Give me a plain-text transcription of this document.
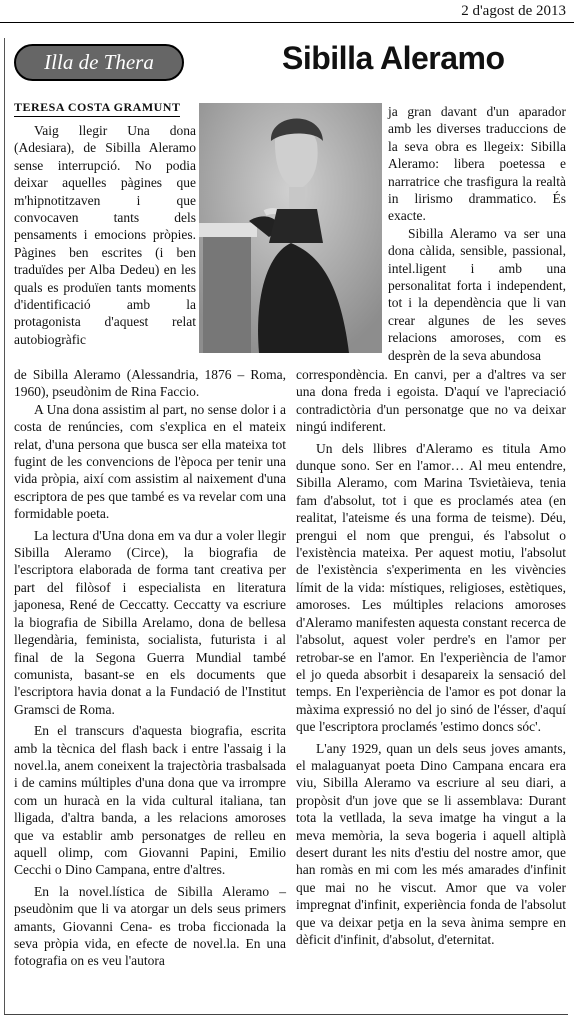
2 d'agost de 2013
Illa de Thera	Sibilla Aleramo
TERESA COSTA GRAMUNT

Vaig llegir Una dona (Adesiara), de Sibilla Aleramo sense interrupció. No podia deixar aquelles pàgines que m'hipnotitzaven i que convocaven tants dels pensaments i emocions pròpies. Pàgines ben escrites (i ben traduïdes per Alba Dedeu) en les quals es produïen tants moments d'identificació amb la protagonista d'aquest relat autobiogràfic

de Sibilla Aleramo (Alessandria, 1876 – Roma, 1960), pseudònim de Rina Faccio.

A Una dona assistim al part, no sense dolor i a costa de renúncies, com s'explica en el mateix relat, d'una persona que busca ser ella mateixa tot fugint de les convencions de l'època per tenir una vida pròpia, així com assistim al naixement d'una escriptora de pes que també es va revelar com una formidable poeta.

La lectura d'Una dona em va dur a voler llegir Sibilla Aleramo (Circe), la biografia de l'escriptora elaborada de forma tant creativa per part del filòsof i especialista en literatura japonesa, René de Ceccatty. Ceccatty va escriure la biografia de Sibilla Arelamo, dona de bellesa llegendària, feminista, socialista, futurista i al final de la Segona Guerra Mundial també comunista, basant-se en els documents que l'escriptora havia donat a la Fundació de l'Institut Gramsci de Roma.

En el transcurs d'aquesta biografia, escrita amb la tècnica del flash back i entre l'assaig i la novel.la, anem coneixent la trajectòria trasbalsada i de camins múltiples d'una dona que va irrompre com un huracà en la vida cultural italiana, tan lligada, d'altra banda, a les relacions amoroses que va establir amb personatges de relleu en aquell olimp, com Giovanni Papini, Emilio Cecchi o Dino Campana, entre d'altres.

En la novel.lística de Sibilla Aleramo –pseudònim que li va atorgar un dels seus primers amants, Giovanni Cena- es troba ficcionada la seva pròpia vida, en efecte de novel.la. En una fotografia on es veu l'autora

ja gran davant d'un aparador amb les diverses traduccions de la seva obra es llegeix: Sibilla Aleramo: libera poetessa e narratrice che trasfigura la realtà in lirismo drammatico. És exacte.

Sibilla Aleramo va ser una dona càlida, sensible, passional, intel.ligent i amb una personalitat forta i independent, tot i la dependència que li van crear algunes de les seves relacions amoroses, com es desprèn de la seva abundosa

correspondència. En canvi, per a d'altres va ser una dona freda i egoista. D'aquí ve l'apreciació contradictòria d'un personatge que no va deixar ningú indiferent.

Un dels llibres d'Aleramo es titula Amo dunque sono. Ser en l'amor… Al meu entendre, Sibilla Aleramo, com Marina Tsvietàieva, tenia fam d'absolut, tot i que es proclamés atea (en realitat, l'ateisme és una forma de teisme). Déu, prengui el nom que prengui, és l'absolut o l'existència mateixa. Per aquest motiu, l'absolut de l'existència s'experimenta en les vivències límit de la vida: místiques, religioses, estètiques, amoroses. Les múltiples relacions amoroses d'Aleramo manifesten aquesta constant recerca de l'absolut, aquest voler perdre's en l'amor per retrobar-se en l'amor. En l'experiència de l'amor el jo queda absorbit i desapareix la sensació del temps. En l'experiència de l'amor es pot donar la màxima expressió no del jo sinó de l'ésser, d'aquí que l'escriptora proclamés 'estimo doncs sóc'.

L'any 1929, quan un dels seus joves amants, el malaguanyat poeta Dino Campana encara era viu, Sibilla Aleramo va escriure al seu diari, a propòsit d'un jove que se li assemblava: Durant tota la vetllada, la seva imatge ha vingut a la meva memòria, la seva bogeria i aquell altiplà desert durant les nits d'estiu del nostre amor, que han romàs en mi com les més amarades d'infinit que mai no he viscut. Amor que va voler impregnat d'infinit, experiència fonda de l'absolut que va deixar petja en la seva ànima sempre en dèficit d'infinit, d'absolut, d'eternitat.
